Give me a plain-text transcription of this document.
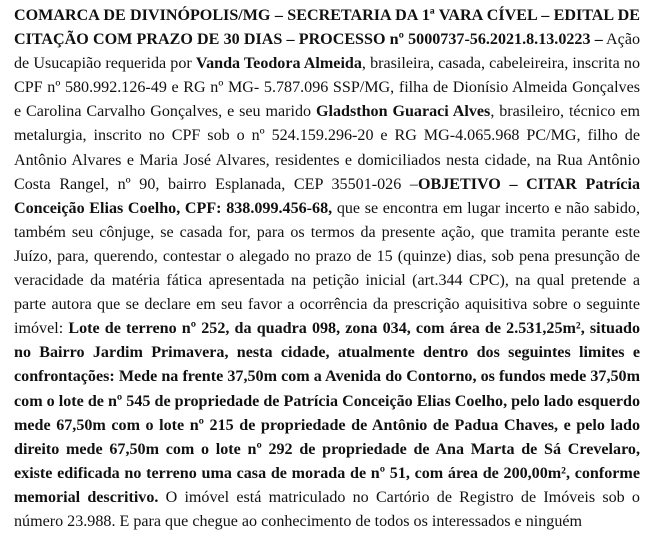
COMARCA DE DIVINÓPOLIS/MG – SECRETARIA DA 1ª VARA CÍVEL – EDITAL DE CITAÇÃO COM PRAZO DE 30 DIAS – PROCESSO nº 5000737-56.2021.8.13.0223 – Ação de Usucapião requerida por Vanda Teodora Almeida, brasileira, casada, cabeleireira, inscrita no CPF nº 580.992.126-49 e RG nº MG- 5.787.096 SSP/MG, filha de Dionísio Almeida Gonçalves e Carolina Carvalho Gonçalves, e seu marido Gladsthon Guaraci Alves, brasileiro, técnico em metalurgia, inscrito no CPF sob o nº 524.159.296-20 e RG MG-4.065.968 PC/MG, filho de Antônio Alvares e Maria José Alvares, residentes e domiciliados nesta cidade, na Rua Antônio Costa Rangel, nº 90, bairro Esplanada, CEP 35501-026 –OBJETIVO – CITAR Patrícia Conceição Elias Coelho, CPF: 838.099.456-68, que se encontra em lugar incerto e não sabido, também seu cônjuge, se casada for, para os termos da presente ação, que tramita perante este Juízo, para, querendo, contestar o alegado no prazo de 15 (quinze) dias, sob pena presunção de veracidade da matéria fática apresentada na petição inicial (art.344 CPC), na qual pretende a parte autora que se declare em seu favor a ocorrência da prescrição aquisitiva sobre o seguinte imóvel: Lote de terreno nº 252, da quadra 098, zona 034, com área de 2.531,25m², situado no Bairro Jardim Primavera, nesta cidade, atualmente dentro dos seguintes limites e confrontações: Mede na frente 37,50m com a Avenida do Contorno, os fundos mede 37,50m com o lote de nº 545 de propriedade de Patrícia Conceição Elias Coelho, pelo lado esquerdo mede 67,50m com o lote nº 215 de propriedade de Antônio de Padua Chaves, e pelo lado direito mede 67,50m com o lote nº 292 de propriedade de Ana Marta de Sá Crevelaro, existe edificada no terreno uma casa de morada de nº 51, com área de 200,00m², conforme memorial descritivo. O imóvel está matriculado no Cartório de Registro de Imóveis sob o número 23.988. E para que chegue ao conhecimento de todos os interessados e ninguém
